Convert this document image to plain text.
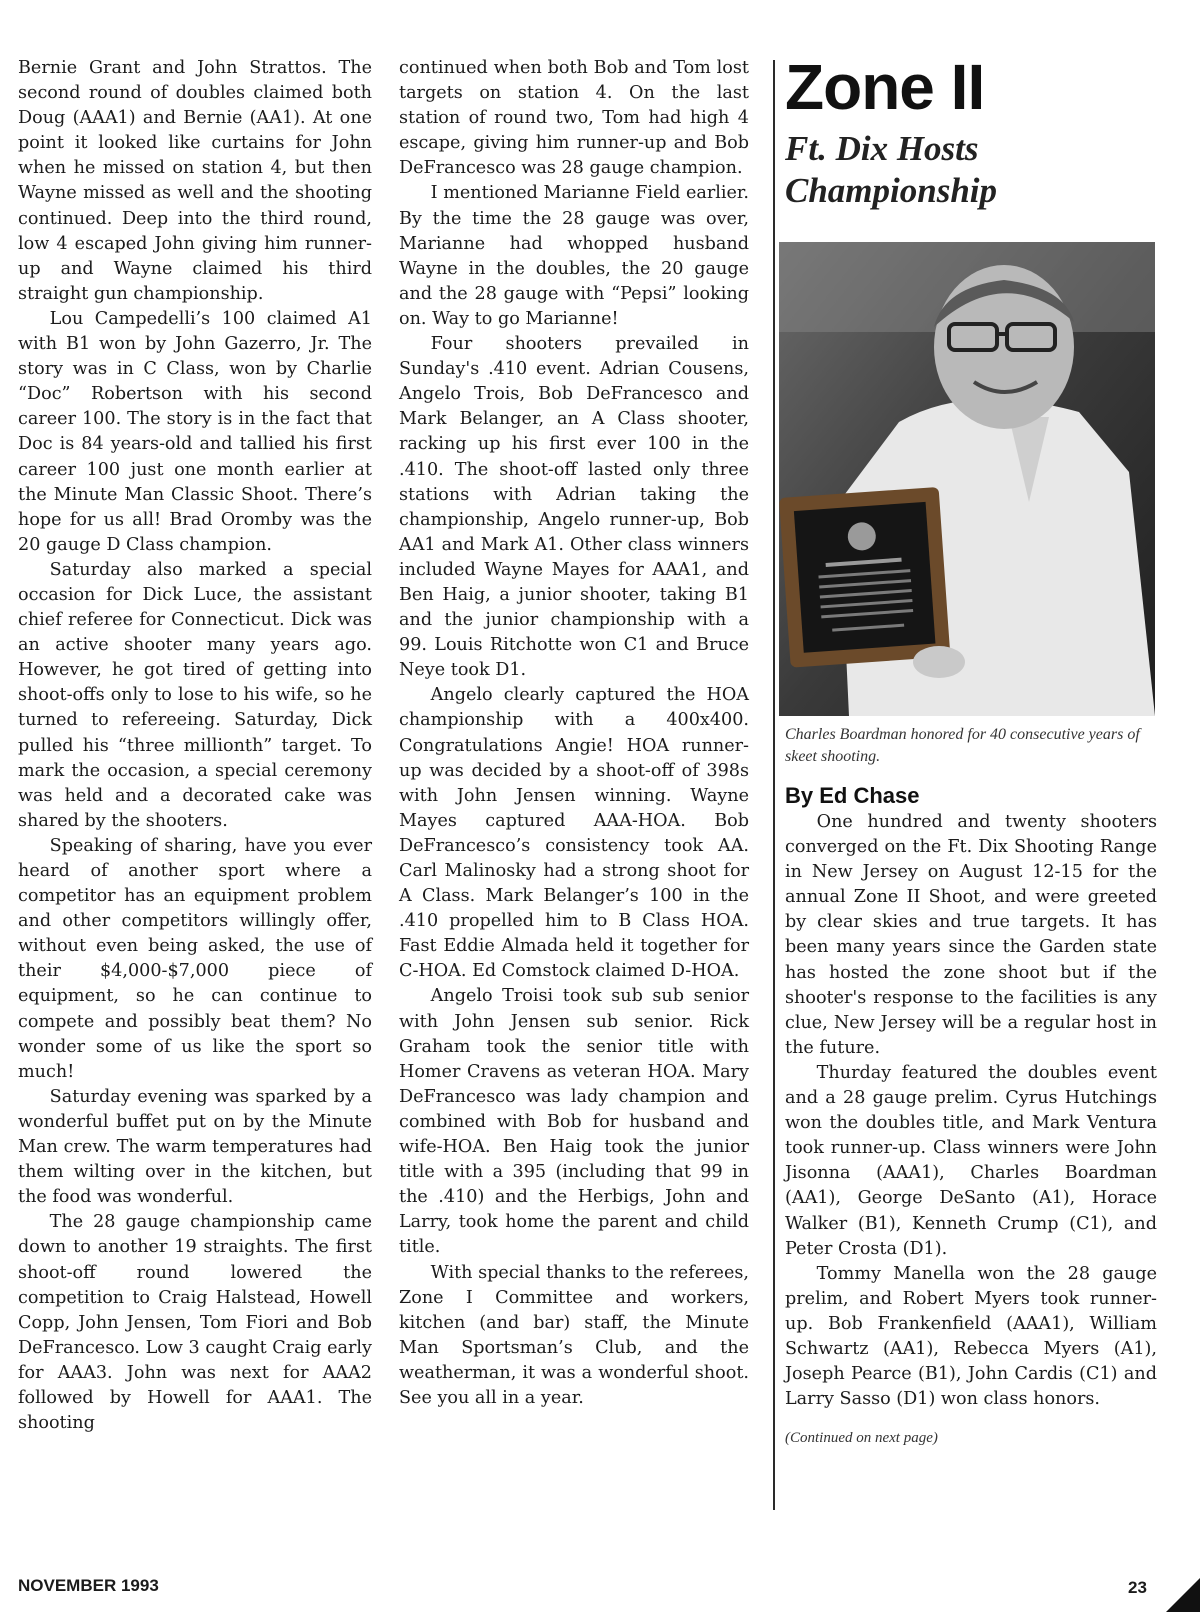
Bernie Grant and John Strattos. The second round of doubles claimed both Doug (AAA1) and Bernie (AA1). At one point it looked like curtains for John when he missed on station 4, but then Wayne missed as well and the shooting continued. Deep into the third round, low 4 escaped John giving him runner-up and Wayne claimed his third straight gun championship.

Lou Campedelli’s 100 claimed A1 with B1 won by John Gazerro, Jr. The story was in C Class, won by Charlie “Doc” Robertson with his second career 100. The story is in the fact that Doc is 84 years-old and tallied his first career 100 just one month earlier at the Minute Man Classic Shoot. There’s hope for us all! Brad Oromby was the 20 gauge D Class champion.

Saturday also marked a special occasion for Dick Luce, the assistant chief referee for Connecticut. Dick was an active shooter many years ago. However, he got tired of getting into shoot-offs only to lose to his wife, so he turned to refereeing. Saturday, Dick pulled his “three millionth” target. To mark the occasion, a special ceremony was held and a decorated cake was shared by the shooters.

Speaking of sharing, have you ever heard of another sport where a competitor has an equipment problem and other competitors willingly offer, without even being asked, the use of their $4,000-$7,000 piece of equipment, so he can continue to compete and possibly beat them? No wonder some of us like the sport so much!

Saturday evening was sparked by a wonderful buffet put on by the Minute Man crew. The warm temperatures had them wilting over in the kitchen, but the food was wonderful.

The 28 gauge championship came down to another 19 straights. The first shoot-off round lowered the competition to Craig Halstead, Howell Copp, John Jensen, Tom Fiori and Bob DeFrancesco. Low 3 caught Craig early for AAA3. John was next for AAA2 followed by Howell for AAA1. The shooting

continued when both Bob and Tom lost targets on station 4. On the last station of round two, Tom had high 4 escape, giving him runner-up and Bob DeFrancesco was 28 gauge champion.

I mentioned Marianne Field earlier. By the time the 28 gauge was over, Marianne had whopped husband Wayne in the doubles, the 20 gauge and the 28 gauge with “Pepsi” looking on. Way to go Marianne!

Four shooters prevailed in Sunday's .410 event. Adrian Cousens, Angelo Trois, Bob DeFrancesco and Mark Belanger, an A Class shooter, racking up his first ever 100 in the .410. The shoot-off lasted only three stations with Adrian taking the championship, Angelo runner-up, Bob AA1 and Mark A1. Other class winners included Wayne Mayes for AAA1, and Ben Haig, a junior shooter, taking B1 and the junior championship with a 99. Louis Ritchotte won C1 and Bruce Neye took D1.

Angelo clearly captured the HOA championship with a 400x400. Congratulations Angie! HOA runner-up was decided by a shoot-off of 398s with John Jensen winning. Wayne Mayes captured AAA-HOA. Bob DeFrancesco’s consistency took AA. Carl Malinosky had a strong shoot for A Class. Mark Belanger’s 100 in the .410 propelled him to B Class HOA. Fast Eddie Almada held it together for C-HOA. Ed Comstock claimed D-HOA.

Angelo Troisi took sub sub senior with John Jensen sub senior. Rick Graham took the senior title with Homer Cravens as veteran HOA. Mary DeFrancesco was lady champion and combined with Bob for husband and wife-HOA. Ben Haig took the junior title with a 395 (including that 99 in the .410) and the Herbigs, John and Larry, took home the parent and child title.

With special thanks to the referees, Zone I Committee and workers, kitchen (and bar) staff, the Minute Man Sportsman’s Club, and the weatherman, it was a wonderful shoot. See you all in a year.

Zone II
Ft. Dix Hosts
Championship
Charles Boardman honored for 40 consecutive years of skeet shooting.
By Ed Chase

One hundred and twenty shooters converged on the Ft. Dix Shooting Range in New Jersey on August 12-15 for the annual Zone II Shoot, and were greeted by clear skies and true targets. It has been many years since the Garden state has hosted the zone shoot but if the shooter's response to the facilities is any clue, New Jersey will be a regular host in the future.

Thurday featured the doubles event and a 28 gauge prelim. Cyrus Hutchings won the doubles title, and Mark Ventura took runner-up. Class winners were John Jisonna (AAA1), Charles Boardman (AA1), George DeSanto (A1), Horace Walker (B1), Kenneth Crump (C1), and Peter Crosta (D1).

Tommy Manella won the 28 gauge prelim, and Robert Myers took runner-up. Bob Frankenfield (AAA1), William Schwartz (AA1), Rebecca Myers (A1), Joseph Pearce (B1), John Cardis (C1) and Larry Sasso (D1) won class honors.

(Continued on next page)
NOVEMBER 1993	23
